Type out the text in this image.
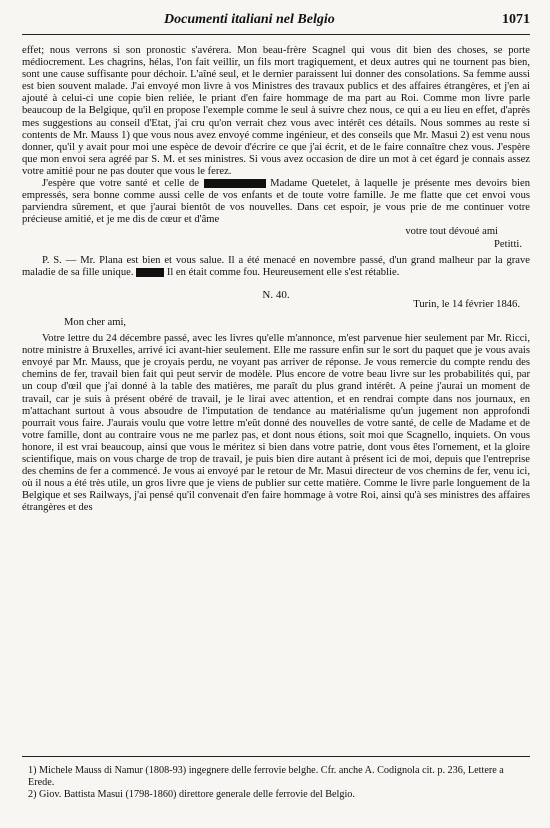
Documenti italiani nel Belgio	1071

effet; nous verrons si son pronostic s'avérera. Mon beau-frère Scagnel qui vous dit bien des choses, se porte médiocrement. Les chagrins, hélas, l'on fait veillir, un fils mort tragiquement, et deux autres qui ne tournent pas bien, sont une cause suffisante pour déchoir. L'aîné seul, et le dernier paraissent lui donner des consolations. Sa femme aussi est bien souvent malade. J'ai envoyé mon livre à vos Ministres des travaux publics et des affaires étrangères, et j'en ai ajouté à celui-ci une copie bien reliée, le priant d'en faire hommage de ma part au Roi. Comme mon livre parle beaucoup de la Belgique, qu'il en propose l'exemple comme le seul à suivre chez nous, ce qui a eu lieu en effet, d'après mes suggestions au conseil d'Etat, j'ai cru qu'on verrait chez vous avec intérêt ces détails. Nous sommes au reste si contents de Mr. Mauss 1) que vous nous avez envoyé comme ingénieur, et des conseils que Mr. Masui 2) est venu nous donner, qu'il y avait pour moi une espèce de devoir d'écrire ce que j'ai écrit, et de le faire connaître chez vous. J'espère que mon envoi sera agréé par S. M. et ses ministres. Si vous avez occasion de dire un mot à cet égard je connais assez votre amitié pour ne pas douter que vous le ferez.

J'espère que votre santé et celle de	Madame Quetelet, à laquelle je présente mes devoirs bien empressés, sera bonne comme aussi celle de vos enfants et de toute votre famille. Je me flatte que cet envoi vous parviendra sûrement, et que j'aurai bientôt de vos nouvelles. Dans cet espoir, je vous prie de me continuer votre précieuse amitié, et je me dis de cœur et d'âme

votre tout dévoué ami

Petitti.

P. S. — Mr. Plana est bien et vous salue. Il a été menacé en novembre passé, d'un grand malheur par la grave maladie de sa fille unique.	Il en était comme fou. Heureusement elle s'est rétablie.

N. 40.

Turin, le 14 février 1846.

Mon cher ami,

Votre lettre du 24 décembre passé, avec les livres qu'elle m'annonce, m'est parvenue hier seulement par Mr. Ricci, notre ministre à Bruxelles, arrivé ici avant-hier seulement. Elle me rassure enfin sur le sort du paquet que je vous avais envoyé par Mr. Mauss, que je croyais perdu, ne voyant pas arriver de réponse. Je vous remercie du compte rendu des chemins de fer, travail bien fait qui peut servir de modèle. Plus encore de votre beau livre sur les probabilités qui, par un coup d'œil que j'ai donné à la table des matières, me paraît du plus grand intérêt. A peine j'aurai un moment de travail, car je suis à présent obéré de travail, je le lirai avec attention, et en rendrai compte dans nos journaux, en m'attachant surtout à vous absoudre de l'imputation de tendance au matérialisme qu'un jugement non approfondi pourrait vous faire. J'aurais voulu que votre lettre m'eût donné des nouvelles de votre santé, de celle de Madame et de votre famille, dont au contraire vous ne me parlez pas, et dont nous étions, soit moi que Scagnello, inquiets. On vous honore, il est vrai beaucoup, ainsi que vous le méritez si bien dans votre patrie, dont vous êtes l'ornement, et la gloire scientifique, mais on vous charge de trop de travail, je puis bien dire autant à présent ici de moi, depuis que l'entreprise des chemins de fer a commencé. Je vous ai envoyé par le retour de Mr. Masui directeur de vos chemins de fer, venu ici, où il nous a été très utile, un gros livre que je viens de publier sur cette matière. Comme le livre parle longuement de la Belgique et ses Railways, j'ai pensé qu'il convenait d'en faire hommage à votre Roi, ainsi qu'à ses ministres des affaires étrangères et des

1) Michele Mauss di Namur (1808-93) ingegnere delle ferrovie belghe. Cfr. anche A. Codignola cit. p. 236, Lettere a Erede.

2) Giov. Battista Masui (1798-1860) direttore generale delle ferrovie del Belgio.
